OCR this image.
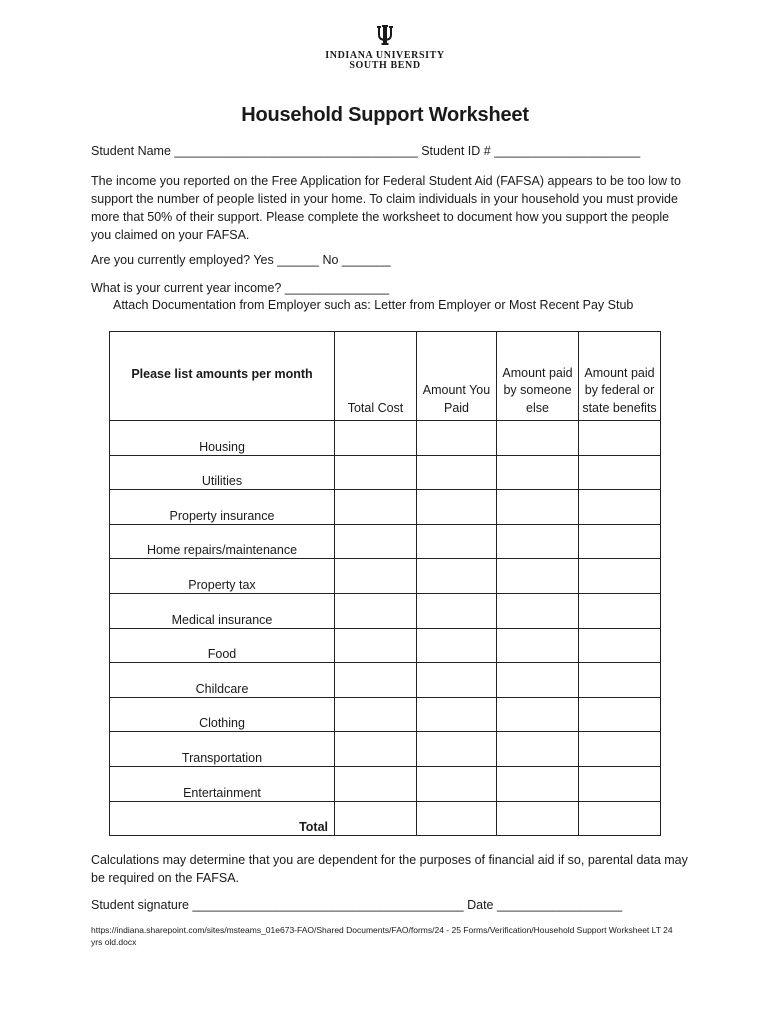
INDIANA UNIVERSITY
SOUTH BEND
Household Support Worksheet
Student Name ___________________________________ Student ID # _____________________
The income you reported on the Free Application for Federal Student Aid (FAFSA) appears to be too low to support the number of people listed in your home. To claim individuals in your household you must provide more that 50% of their support. Please complete the worksheet to document how you support the people you claimed on your FAFSA.
Are you currently employed? Yes ______ No _______
What is your current year income? _______________
Attach Documentation from Employer such as: Letter from Employer or Most Recent Pay Stub
Please list amounts per month	Total Cost	Amount You Paid	Amount paid by someone else	Amount paid by federal or state benefits
Housing				
Utilities				
Property insurance				
Home repairs/maintenance				
Property tax				
Medical insurance				
Food				
Childcare				
Clothing				
Transportation				
Entertainment				
Total				
Calculations may determine that you are dependent for the purposes of financial aid if so, parental data may be required on the FAFSA.
Student signature _______________________________________ Date __________________
https://indiana.sharepoint.com/sites/msteams_01e673-FAO/Shared Documents/FAO/forms/24 - 25 Forms/Verification/Household Support Worksheet LT 24 yrs old.docx
